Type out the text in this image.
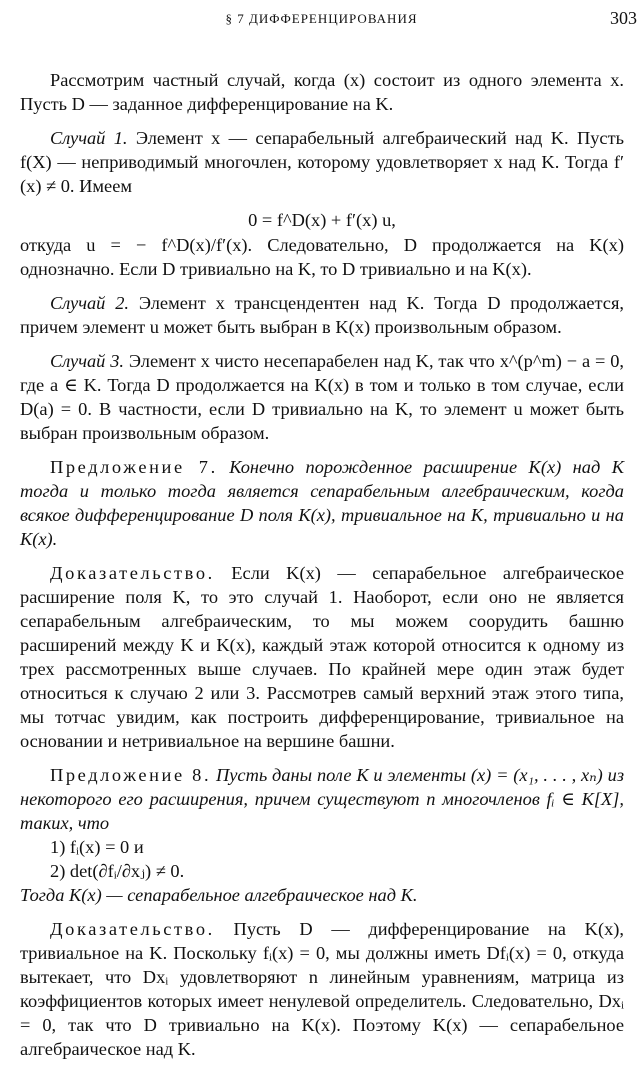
§ 7 ДИФФЕРЕНЦИРОВАНИЯ	303

Рассмотрим частный случай, когда (x) состоит из одного элемента x. Пусть D — заданное дифференцирование на K.

Случай 1. Элемент x — сепарабельный алгебраический над K. Пусть f(X) — неприводимый многочлен, которому удовлетворяет x над K. Тогда f′(x) ≠ 0. Имеем

0 = f^D(x) + f′(x) u,

откуда u = − f^D(x)/f′(x). Следовательно, D продолжается на K(x) однозначно. Если D тривиально на K, то D тривиально и на K(x).

Случай 2. Элемент x трансцендентен над K. Тогда D продолжается, причем элемент u может быть выбран в K(x) произвольным образом.

Случай 3. Элемент x чисто несепарабелен над K, так что x^(p^m) − a = 0, где a ∈ K. Тогда D продолжается на K(x) в том и только в том случае, если D(a) = 0. В частности, если D тривиально на K, то элемент u может быть выбран произвольным образом.

Предложение 7. Конечно порожденное расширение K(x) над K тогда и только тогда является сепарабельным алгебраическим, когда всякое дифференцирование D поля K(x), тривиальное на K, тривиально и на K(x).

Доказательство. Если K(x) — сепарабельное алгебраическое расширение поля K, то это случай 1. Наоборот, если оно не является сепарабельным алгебраическим, то мы можем соорудить башню расширений между K и K(x), каждый этаж которой относится к одному из трех рассмотренных выше случаев. По крайней мере один этаж будет относиться к случаю 2 или 3. Рассмотрев самый верхний этаж этого типа, мы тотчас увидим, как построить дифференцирование, тривиальное на основании и нетривиальное на вершине башни.

Предложение 8. Пусть даны поле K и элементы (x) = (x₁, . . . , xₙ) из некоторого его расширения, причем существуют n многочленов fᵢ ∈ K[X], таких, что

1) fᵢ(x) = 0 и
2) det(∂fᵢ/∂xⱼ) ≠ 0.

Тогда K(x) — сепарабельное алгебраическое над K.

Доказательство. Пусть D — дифференцирование на K(x), тривиальное на K. Поскольку fᵢ(x) = 0, мы должны иметь Dfᵢ(x) = 0, откуда вытекает, что Dxᵢ удовлетворяют n линейным уравнениям, матрица из коэффициентов которых имеет ненулевой определитель. Следовательно, Dxᵢ = 0, так что D тривиально на K(x). Поэтому K(x) — сепарабельное алгебраическое над K.
